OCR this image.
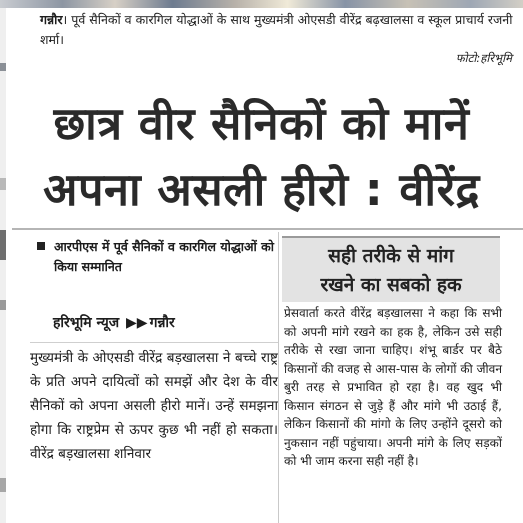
गन्नौर। पूर्व सैनिकों व कारगिल योद्धाओं के साथ मुख्यमंत्री ओएसडी वीरेंद्र बढ़खालसा व स्कूल प्राचार्य रजनी शर्मा।
फोटो:हरिभूमि
छात्र वीर सैनिकों को मानें
अपना असली हीरो : वीरेंद्र
आरपीएस में पूर्व सैनिकों व कारगिल योद्धाओं को किया सम्मानित
हरिभूमि न्यूज ▶▶ गन्नौर
मुख्यमंत्री के ओएसडी वीरेंद्र बड़खालसा ने बच्चे राष्ट्र के प्रति अपने दायित्वों को समझें और देश के वीर सैनिकों को अपना असली हीरो मानें। उन्हें समझना होगा कि राष्ट्रप्रेम से ऊपर कुछ भी नहीं हो सकता। वीरेंद्र बड़खालसा शनिवार
सही तरीके से मांग
रखने का सबको हक
प्रेसवार्ता करते वीरेंद्र बड़खालसा ने कहा कि सभी को अपनी मांगे रखने का हक है, लेकिन उसे सही तरीके से रखा जाना चाहिए। शंभू बार्डर पर बैठे किसानों की वजह से आस-पास के लोगों की जीवन बुरी तरह से प्रभावित हो रहा है। वह खुद भी किसान संगठन से जुड़े हैं और मांगे भी उठाई हैं, लेकिन किसानों की मांगो के लिए उन्होंने दूसरो को नुकसान नहीं पहुंचाया। अपनी मांगे के लिए सड़कों को भी जाम करना सही नहीं है।
